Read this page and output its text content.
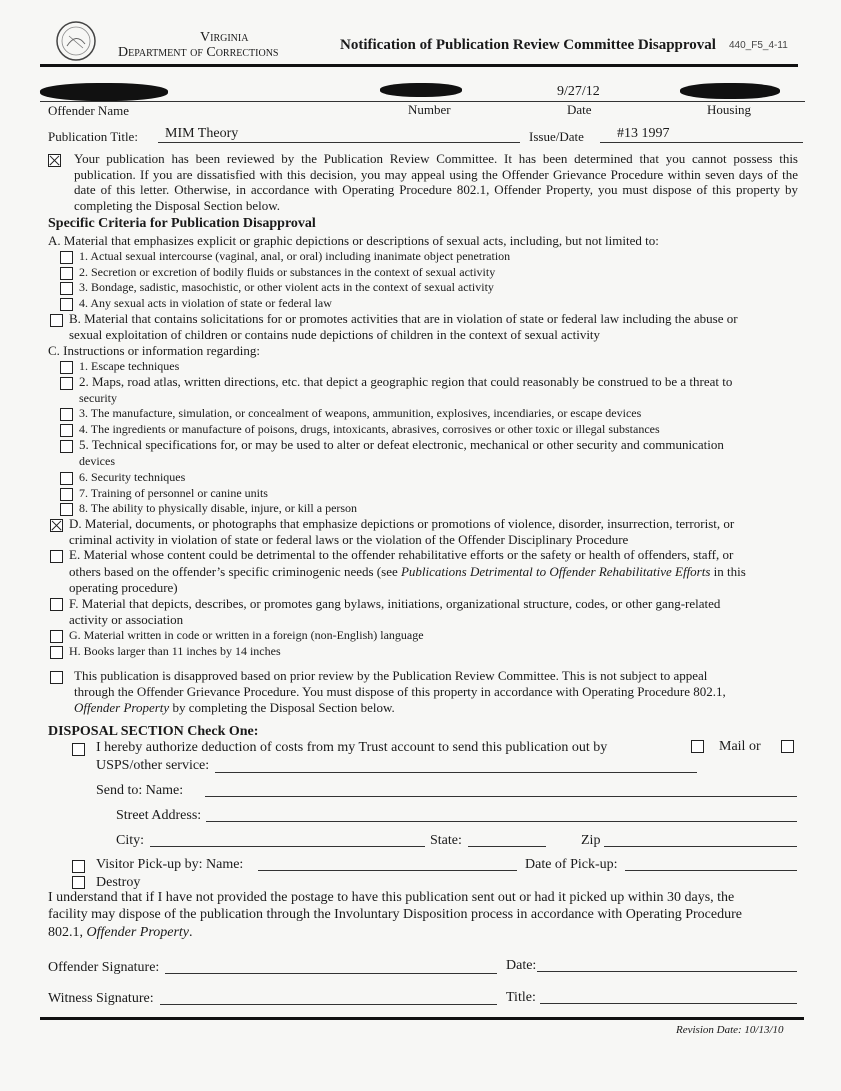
Virginia
Department of Corrections	Notification of Publication Review Committee Disapproval 440_F5_4-11
9/27/12
Offender Name	Number	Date	Housing
Publication Title: MIM Theory	Issue/Date #13 1997
Your publication has been reviewed by the Publication Review Committee. It has been determined that you cannot possess this publication. If you are dissatisfied with this decision, you may appeal using the Offender Grievance Procedure within seven days of the date of this letter. Otherwise, in accordance with Operating Procedure 802.1, Offender Property, you must dispose of this property by completing the Disposal Section below.
Specific Criteria for Publication Disapproval
A. Material that emphasizes explicit or graphic depictions or descriptions of sexual acts, including, but not limited to:
1. Actual sexual intercourse (vaginal, anal, or oral) including inanimate object penetration
2. Secretion or excretion of bodily fluids or substances in the context of sexual activity
3. Bondage, sadistic, masochistic, or other violent acts in the context of sexual activity
4. Any sexual acts in violation of state or federal law
B. Material that contains solicitations for or promotes activities that are in violation of state or federal law including the abuse or
sexual exploitation of children or contains nude depictions of children in the context of sexual activity
C. Instructions or information regarding:
1. Escape techniques
2. Maps, road atlas, written directions, etc. that depict a geographic region that could reasonably be construed to be a threat to
security
3. The manufacture, simulation, or concealment of weapons, ammunition, explosives, incendiaries, or escape devices
4. The ingredients or manufacture of poisons, drugs, intoxicants, abrasives, corrosives or other toxic or illegal substances
5. Technical specifications for, or may be used to alter or defeat electronic, mechanical or other security and communication
devices
6. Security techniques
7. Training of personnel or canine units
8. The ability to physically disable, injure, or kill a person
D. Material, documents, or photographs that emphasize depictions or promotions of violence, disorder, insurrection, terrorist, or
criminal activity in violation of state or federal laws or the violation of the Offender Disciplinary Procedure
E. Material whose content could be detrimental to the offender rehabilitative efforts or the safety or health of offenders, staff, or
others based on the offender’s specific criminogenic needs (see Publications Detrimental to Offender Rehabilitative Efforts in this
operating procedure)
F. Material that depicts, describes, or promotes gang bylaws, initiations, organizational structure, codes, or other gang-related
activity or association
G. Material written in code or written in a foreign (non-English) language
H. Books larger than 11 inches by 14 inches
This publication is disapproved based on prior review by the Publication Review Committee. This is not subject to appeal
through the Offender Grievance Procedure. You must dispose of this property in accordance with Operating Procedure 802.1,
Offender Property by completing the Disposal Section below.
DISPOSAL SECTION Check One:
I hereby authorize deduction of costs from my Trust account to send this publication out by	Mail or
USPS/other service:
Send to: Name:
Street Address:
City:	State:	Zip
Visitor Pick-up by: Name:	Date of Pick-up:
Destroy
I understand that if I have not provided the postage to have this publication sent out or had it picked up within 30 days, the
facility may dispose of the publication through the Involuntary Disposition process in accordance with Operating Procedure
802.1, Offender Property.
Offender Signature:	Date:
Witness Signature:	Title:
Revision Date: 10/13/10
